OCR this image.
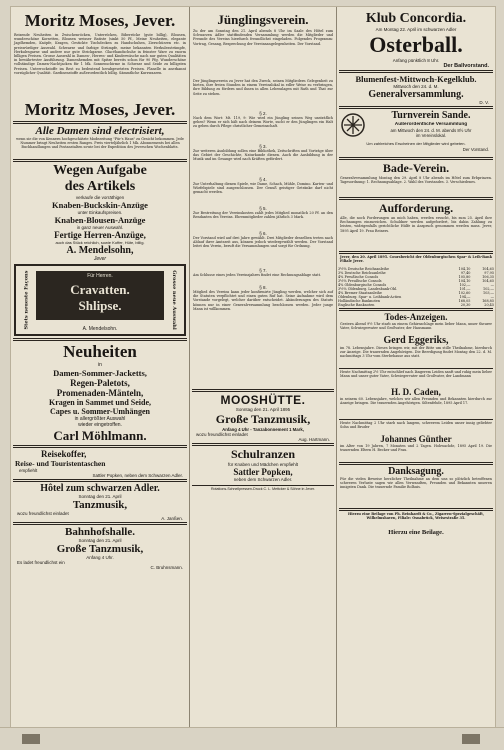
Moritz Moses, Jever.
Reizende Neuheiten in Zwischenröcken, Unterröcken, Biberröcke (gute billig), Blousen, wunderschöne Korsetten, Blousen weisser Batiste (sinkt 50 Pf., Meine Neuheiten, elegante Jagdhemden, Knöpfe, Kragen, Gestickte Tischdecken zu Handschuhen, Zierschürzen etc. in preiswürdiger Auswahl. Schwarze und farbige Strümpfe, meine bekannten Herkulesstrümpfe, Herkulesgarne und andere nur gute Strickgarne. Glacéhandschuhe in feinster Ware zu enorm billigen Preisen. Grosse Auswahl in Damen-, Herren- und Kinderwäsche nach nur guten Qualitäten in bewährtester Ausführung. Damenhemden mit Spitze bereits schon für 90 Pfg. Wunderschöne vollständige Damen-Nachtjacken für 1 Mk. Sonnenschirme in Schwarz und Seide zu billigsten Preisen. Unterrockstoffe im Rest zu bedeutend herabgesetzten Preisen. Flanelle in anerkannt vorzüglicher Qualität. Gardinenstoffe außerordentlich billig. Sämmtliche Kurzwaaren.
Moritz Moses, Jever.
Alle Damen sind electrisiert,
wenn sie die von Kennern hochgeschätzte Modezeitung "Für's Haus" zu Gesicht bekommen. Jede Nummer bringt Neuheiten ersten Ranges. Preis vierteljährlich 1 Mk. Abonnements bei allen Buchhandlungen und Postanstalten sowie bei der Expedition des Jeverschen Wochenblatts.
Wegen Aufgabe
des Artikels
verkaufe die vorräthigen
Knaben-Buckskin-Anzüge
unter Einkaufspreisen.
Knaben-Blousen-Anzüge
in ganz neuer Auswahl.
Fertige Herren-Anzüge,
auch das Stück reichlich, sowie Koffer, Hüte, billig.
A. Mendelsohn,
Jever
Stets neueste Façons	Grosse neue Auswahl
Für Herren.
Cravatten.
Shlipse.
A. Mendelsohn.
Neuheiten
in
Damen-Sommer-Jacketts,
Regen-Paletots,
Promenaden-Mänteln,
Kragen in Sammet und Seide,
Capes u. Sommer-Umhängen
in allergrößter Auswahl
wieder eingetroffen.
Carl Möhlmann.
Reisekoffer,
Reise- und Touristentaschen
empfiehlt
Sattler Popken, neben dem Schwarzen Adler.
Hôtel zum schwarzen Adler.
Sonntag den 21. April
Tanzmusik,
wozu freundlichst einladet
A. Janßen.
Bahnhofshalle.
Sonntag den 21. April
Große Tanzmusik,
Anfang 4 Uhr.
Es ladet freundlichst ein
C. Bruhnsmann.
Jünglingsverein.
Zu der am Sonntag den 21. April abends 8 Uhr im Saale des Hôtel zum Schwarzen Adler stattfindenden Versammlung werden die Mitglieder und Freunde des Vereins hierdurch freundlichst eingeladen. Folgendes Programm: Vortrag, Gesang, Besprechung der Vereinsangelegenheiten. Der Vorstand.
Der Jünglingsverein zu Jever hat den Zweck, seinen Mitgliedern Gelegenheit zu bieten, ihre freien Stunden in einem Vereinslokal in edler Weise zu verbringen, ihre Bildung zu fördern und ihnen in allen Lebenslagen mit Rath und That zur Seite zu stehen.
§ 2.
Nach dem Wort: Mt. 119, 9: Wie wird ein Jüngling seinen Weg unsträflich gehen? Wenn er sich hält nach deinem Worte, sucht er den Jünglingen ein Halt zu geben durch Pflege christlicher Gemeinschaft.
§ 3.
Zur weiteren Ausbildung sollen eine Bibliothek, Zeitschriften und Vorträge über das Gebiet der Geschichte, Naturkunde dienen. Auch die Ausbildung in der Musik und im Gesange wird nach Kräften gefördert.
§ 4.
Zur Unterhaltung dienen Spiele, wie Dame, Schach, Mühle, Domino. Karten- und Würfelspiele sind ausgeschlossen. Der Genuß geistiger Getränke darf nicht gemacht werden.
§ 5.
Zur Bestreitung der Vereinskosten zahlt jedes Mitglied monatlich 20 Pf. an den Rendanten des Vereins. Ehrenmitglieder zahlen jährlich 3 Mark.
§ 6.
Der Vorstand wird auf drei Jahre gewählt. Drei Mitglieder desselben treten nach Ablauf ihrer Amtszeit aus, können jedoch wiedergewählt werden. Der Vorstand leitet den Verein, beruft die Versammlungen und sorgt für Ordnung.
§ 7.
Am Schlusse eines jeden Vereinsjahres findet eine Rechnungsablage statt.
§ 8.
Mitglied des Vereins kann jeder konfirmirte Jüngling werden, welcher sich auf die Statuten verpflichtet und einen guten Ruf hat. Seine Aufnahme wird dem Vorstande vorgelegt, welcher darüber entscheidet. Abänderungen des Statuts können nur in einer Generalversammlung beschlossen werden. Jeder junge Mann ist willkommen.
MOOSHÜTTE.
Sonntag den 21. April 1895
Große Tanzmusik,
Anfang 4 Uhr - Tanzabonnement 1 Mark,
wozu freundlichst einladet
Aug. Hartmann.
Schulranzen
für Knaben und Mädchen empfiehlt
Sattler Popken,
neben dem Schwarzen Adler.
Rotations-Schnellpressen-Druck C. L. Mettcker & Söhne in Jever.
Klub Concordia.
Am Montag 22. April im schwarzen Adler
Osterball.
Anfang pünktlich 8 Uhr.
Der Ballvorstand.
Blumenfest-Mittwoch-Kegelklub.
Mittwoch den 24. d. M.
Generalversammlung.
D. V.
Turnverein Sande.
Außerordentliche Versammlung
am Mittwoch den 24. d. M. abends 8½ Uhr
im Vereinslokal.
Um zahlreiches Erscheinen der Mitglieder wird gebeten.
Der Vorstand.
Bade-Verein.
Generalversammlung Montag den 29. April 8 Uhr abends im Hôtel zum Erbprinzen. Tagesordnung: 1. Rechnungsablage. 2. Wahl des Vorstandes. 3. Verschiedenes.
Aufforderung.
Alle, die noch Forderungen an mich haben, werden ersucht, bis zum 25. April ihre Rechnungen einzureichen. Schuldner werden aufgefordert, bis dahin Zahlung zu leisten, widrigenfalls gerichtliche Hülfe in Anspruch genommen werden muss. Jever, 1895 April 19. Frau Reiners.
Jever, den 20. April 1895. Coursbericht der Oldenburgischen Spar- & Leih-Bank Filiale Jever.
3½% Deutsche Reichsanleihe	104,10	104,65
3% Deutsche Reichsanleihe	97,40	97,95
4% Preußische Consols	105,80	106,35
3½% Preußische Consols	104,10	104,65
4% Oldenburgische Consols	102,—	—
3½% Oldenburg. Landesbank-Obl.	101,—	102,—
4% Bremer Staatsanleihe	102,60	103,—
Oldenburg. Spar- u. Leihbank-Actien	194,—	—
Holländische Banknoten	168,05	168,85
Englische Banknoten	20,30	20,45
Todes-Anzeigen.
Gestern Abend 9½ Uhr starb an einem Gehirnschlage mein lieber Mann, unser theurer Vater, Schwiegervater und Großvater, der Hausmann
Gerd Eggeriks,
im 78. Lebensjahre. Dieses bringen wir, mit der Bitte um stille Theilnahme, hierdurch zur Anzeige. Die trauernden Angehörigen. Die Beerdigung findet Montag den 22. d. M. nachmittags 3 Uhr vom Sterbehause aus statt.
Heute Nachmittag 2½ Uhr entschlief nach längerem Leiden sanft und ruhig mein lieber Mann und unser guter Vater, Schwiegervater und Großvater, der Landmann
H. D. Caden,
in seinem 60. Lebensjahre, welches wir allen Freunden und Bekannten hierdurch zur Anzeige bringen. Die trauernden Angehörigen. Siltenfehde, 1895 April 17.
Heute Nachmittag 2 Uhr starb nach langem, schwerem Leiden unser innig geliebter Sohn und Bruder
Johannes Günther
im Alter von 19 Jahren, 7 Monaten und 2 Tagen. Hohwachde, 1895 April 19. Die trauernden Eltern H. Becker und Frau.
Danksagung.
Für die vielen Beweise herzlicher Theilnahme an dem uns so plötzlich betroffenen schweren Verluste sagen wir allen Verwandten, Freunden und Bekannten unseren innigsten Dank. Die trauernde Familie Bolhuis.
Hierzu eine Beilage von Ph. Reinhardt & Co., Zigarren-Spezialgeschäft, Wilhelmshaven, Filiale: Osnabrück, Weisestraße 35.
Hierzu eine Beilage.
